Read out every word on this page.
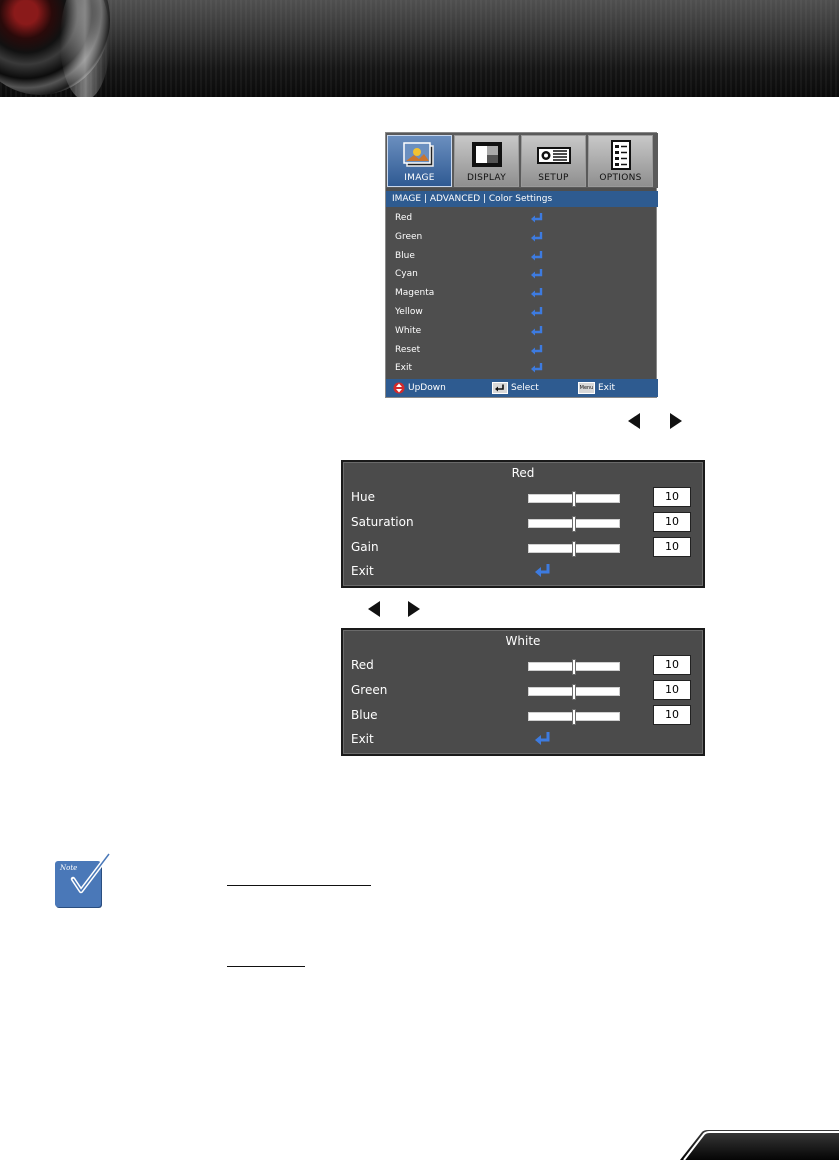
IMAGE	DISPLAY	SETUP	OPTIONS
IMAGE | ADVANCED | Color Settings
Red
Green
Blue
Cyan
Magenta
Yellow
White
Reset
Exit
UpDown	Select	Menu Exit
Red
Hue	10
Saturation	10
Gain	10
Exit
White
Red	10
Green	10
Blue	10
Exit
Note
